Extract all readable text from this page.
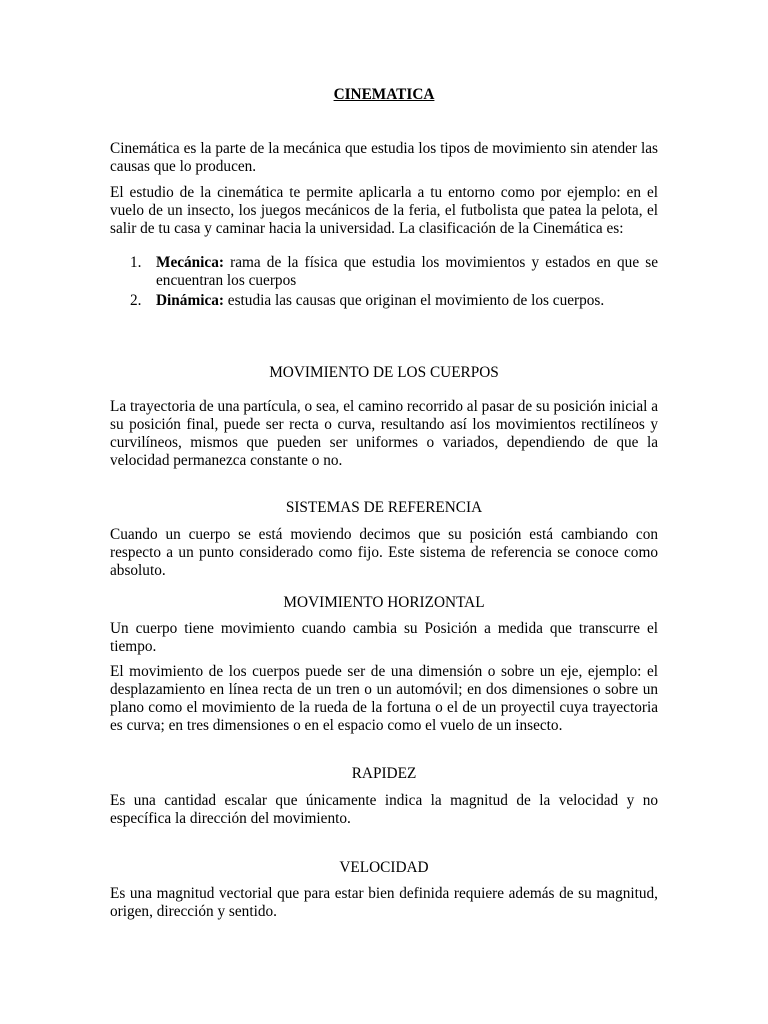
CINEMATICA

Cinemática es la parte de la mecánica que estudia los tipos de movimiento sin atender las causas que lo producen.

El estudio de la cinemática te permite aplicarla a tu entorno como por ejemplo: en el vuelo de un insecto, los juegos mecánicos de la feria, el futbolista que patea la pelota, el salir de tu casa y caminar hacia la universidad. La clasificación de la Cinemática es:

1. Mecánica: rama de la física que estudia los movimientos y estados en que se encuentran los cuerpos
2. Dinámica: estudia las causas que originan el movimiento de los cuerpos.
MOVIMIENTO DE LOS CUERPOS

La trayectoria de una partícula, o sea, el camino recorrido al pasar de su posición inicial a su posición final, puede ser recta o curva, resultando así los movimientos rectilíneos y curvilíneos, mismos que pueden ser uniformes o variados, dependiendo de que la velocidad permanezca constante o no.

SISTEMAS DE REFERENCIA

Cuando un cuerpo se está moviendo decimos que su posición está cambiando con respecto a un punto considerado como fijo. Este sistema de referencia se conoce como absoluto.

MOVIMIENTO HORIZONTAL

Un cuerpo tiene movimiento cuando cambia su Posición a medida que transcurre el tiempo.

El movimiento de los cuerpos puede ser de una dimensión o sobre un eje, ejemplo: el desplazamiento en línea recta de un tren o un automóvil; en dos dimensiones o sobre un plano como el movimiento de la rueda de la fortuna o el de un proyectil cuya trayectoria es curva; en tres dimensiones o en el espacio como el vuelo de un insecto.

RAPIDEZ

Es una cantidad escalar que únicamente indica la magnitud de la velocidad y no específica la dirección del movimiento.

VELOCIDAD

Es una magnitud vectorial que para estar bien definida requiere además de su magnitud, origen, dirección y sentido.
